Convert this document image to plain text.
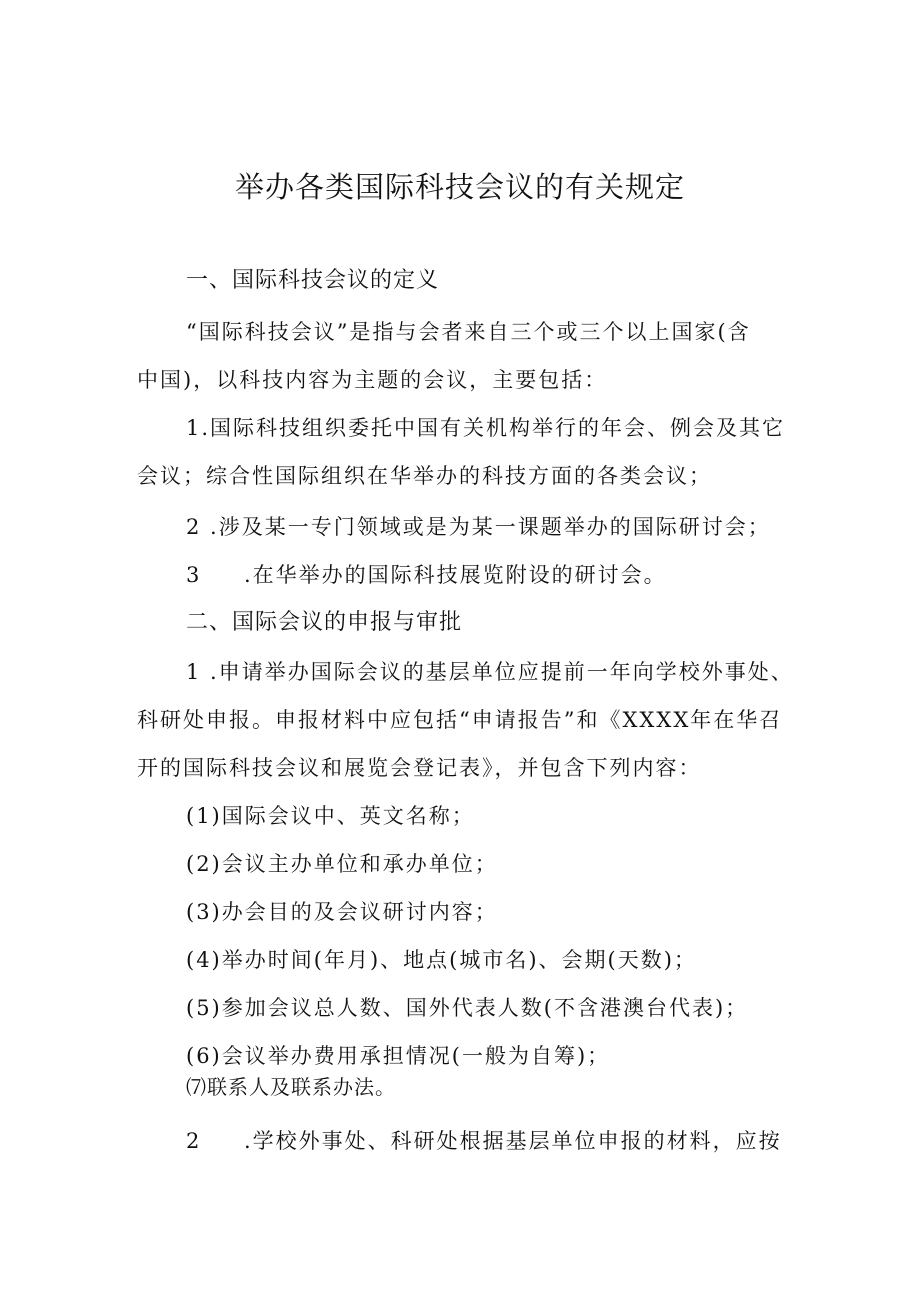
举办各类国际科技会议的有关规定
一、国际科技会议的定义
“国际科技会议”是指与会者来自三个或三个以上国家(含
中国)，以科技内容为主题的会议，主要包括：
1.国际科技组织委托中国有关机构举行的年会、例会及其它
会议；综合性国际组织在华举办的科技方面的各类会议；
2 .涉及某一专门领域或是为某一课题举办的国际研讨会；
3 .在华举办的国际科技展览附设的研讨会。
二、国际会议的申报与审批
1 .申请举办国际会议的基层单位应提前一年向学校外事处、
科研处申报。申报材料中应包括“申请报告”和《XXXX年在华召
开的国际科技会议和展览会登记表》，并包含下列内容：
(1)国际会议中、英文名称；
(2)会议主办单位和承办单位；
(3)办会目的及会议研讨内容；
(4)举办时间(年月)、地点(城市名)、会期(天数)；
(5)参加会议总人数、国外代表人数(不含港澳台代表)；
(6)会议举办费用承担情况(一般为自筹)；
⑺联系人及联系办法。
2 .学校外事处、科研处根据基层单位申报的材料，应按
